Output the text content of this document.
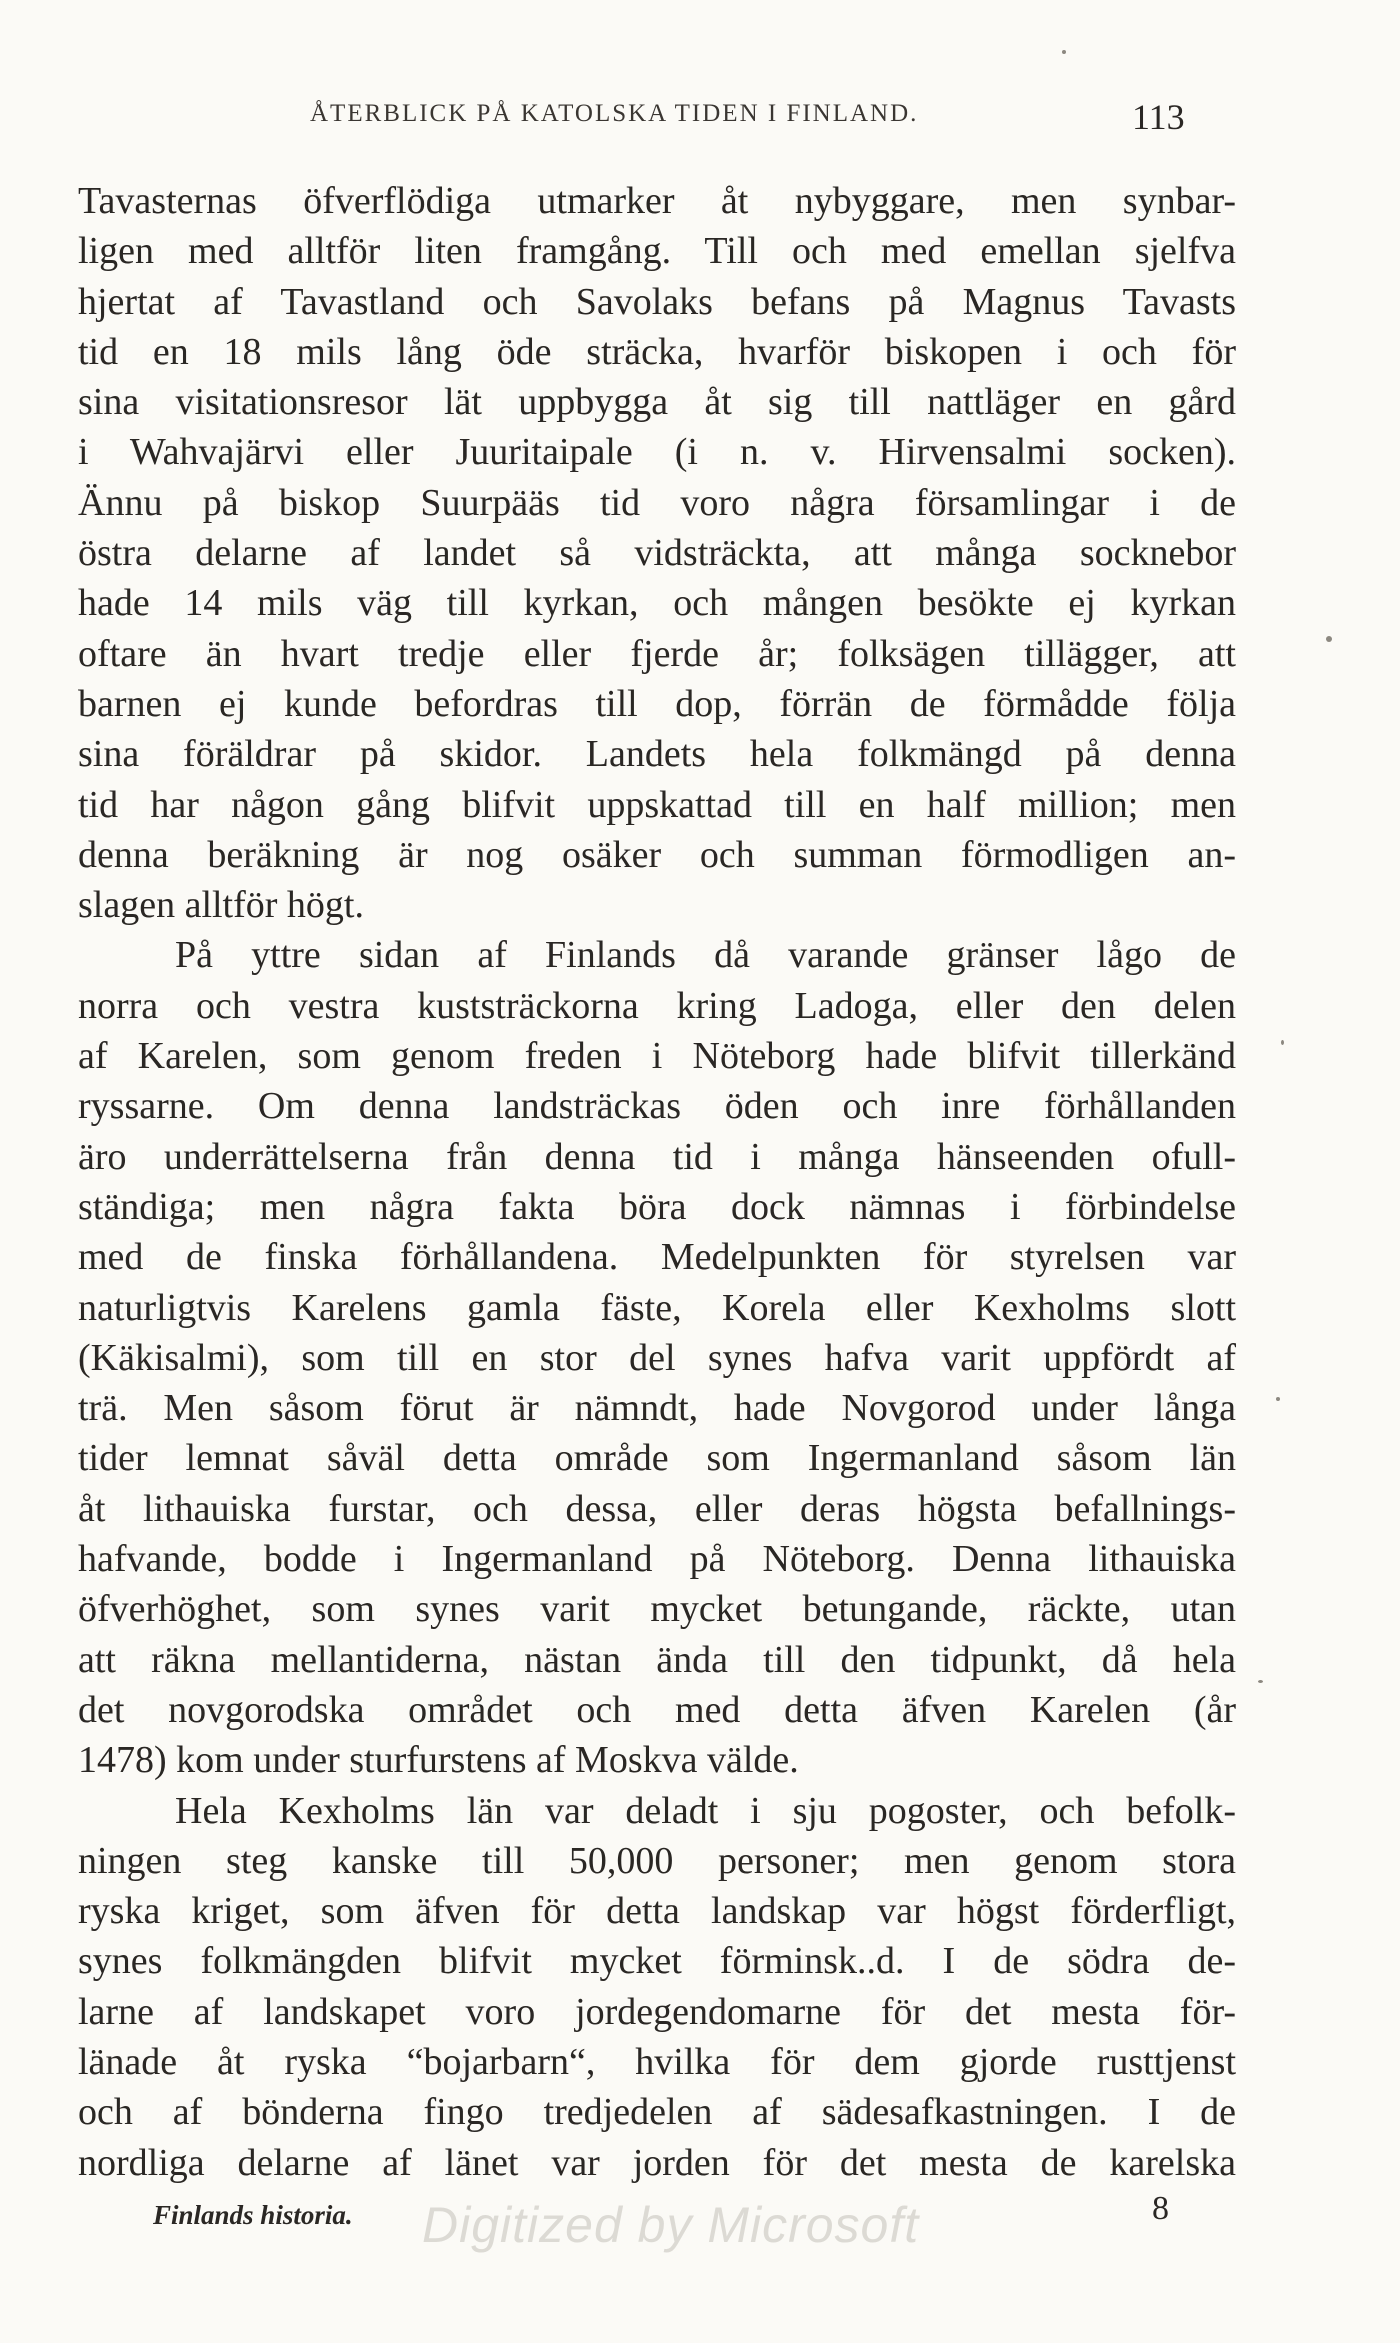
ÅTERBLICK PÅ KATOLSKA TIDEN I FINLAND.	113
Tavasternas öfverflödiga utmarker åt nybyggare, men synbar-
ligen med alltför liten framgång. Till och med emellan sjelfva
hjertat af Tavastland och Savolaks befans på Magnus Tavasts
tid en 18 mils lång öde sträcka, hvarför biskopen i och för
sina visitationsresor lät uppbygga åt sig till nattläger en gård
i Wahvajärvi eller Juuritaipale (i n. v. Hirvensalmi socken).
Ännu på biskop Suurpääs tid voro några församlingar i de
östra delarne af landet så vidsträckta, att många socknebor
hade 14 mils väg till kyrkan, och mången besökte ej kyrkan
oftare än hvart tredje eller fjerde år; folksägen tillägger, att
barnen ej kunde befordras till dop, förrän de förmådde följa
sina föräldrar på skidor. Landets hela folkmängd på denna
tid har någon gång blifvit uppskattad till en half million; men
denna beräkning är nog osäker och summan förmodligen an-
slagen alltför högt.
På yttre sidan af Finlands då varande gränser lågo de
norra och vestra kuststräckorna kring Ladoga, eller den delen
af Karelen, som genom freden i Nöteborg hade blifvit tillerkänd
ryssarne. Om denna landsträckas öden och inre förhållanden
äro underrättelserna från denna tid i många hänseenden ofull-
ständiga; men några fakta böra dock nämnas i förbindelse
med de finska förhållandena. Medelpunkten för styrelsen var
naturligtvis Karelens gamla fäste, Korela eller Kexholms slott
(Käkisalmi), som till en stor del synes hafva varit uppfördt af
trä. Men såsom förut är nämndt, hade Novgorod under långa
tider lemnat såväl detta område som Ingermanland såsom län
åt lithauiska furstar, och dessa, eller deras högsta befallnings-
hafvande, bodde i Ingermanland på Nöteborg. Denna lithauiska
öfverhöghet, som synes varit mycket betungande, räckte, utan
att räkna mellantiderna, nästan ända till den tidpunkt, då hela
det novgorodska området och med detta äfven Karelen (år
1478) kom under sturfurstens af Moskva välde.
Hela Kexholms län var deladt i sju pogoster, och befolk-
ningen steg kanske till 50,000 personer; men genom stora
ryska kriget, som äfven för detta landskap var högst förderfligt,
synes folkmängden blifvit mycket förminsk..d. I de södra de-
larne af landskapet voro jordegendomarne för det mesta för-
länade åt ryska “bojarbarn“, hvilka för dem gjorde rusttjenst
och af bönderna fingo tredjedelen af sädesafkastningen. I de
nordliga delarne af länet var jorden för det mesta de karelska
Finlands historia. Digitized by Microsoft	8
